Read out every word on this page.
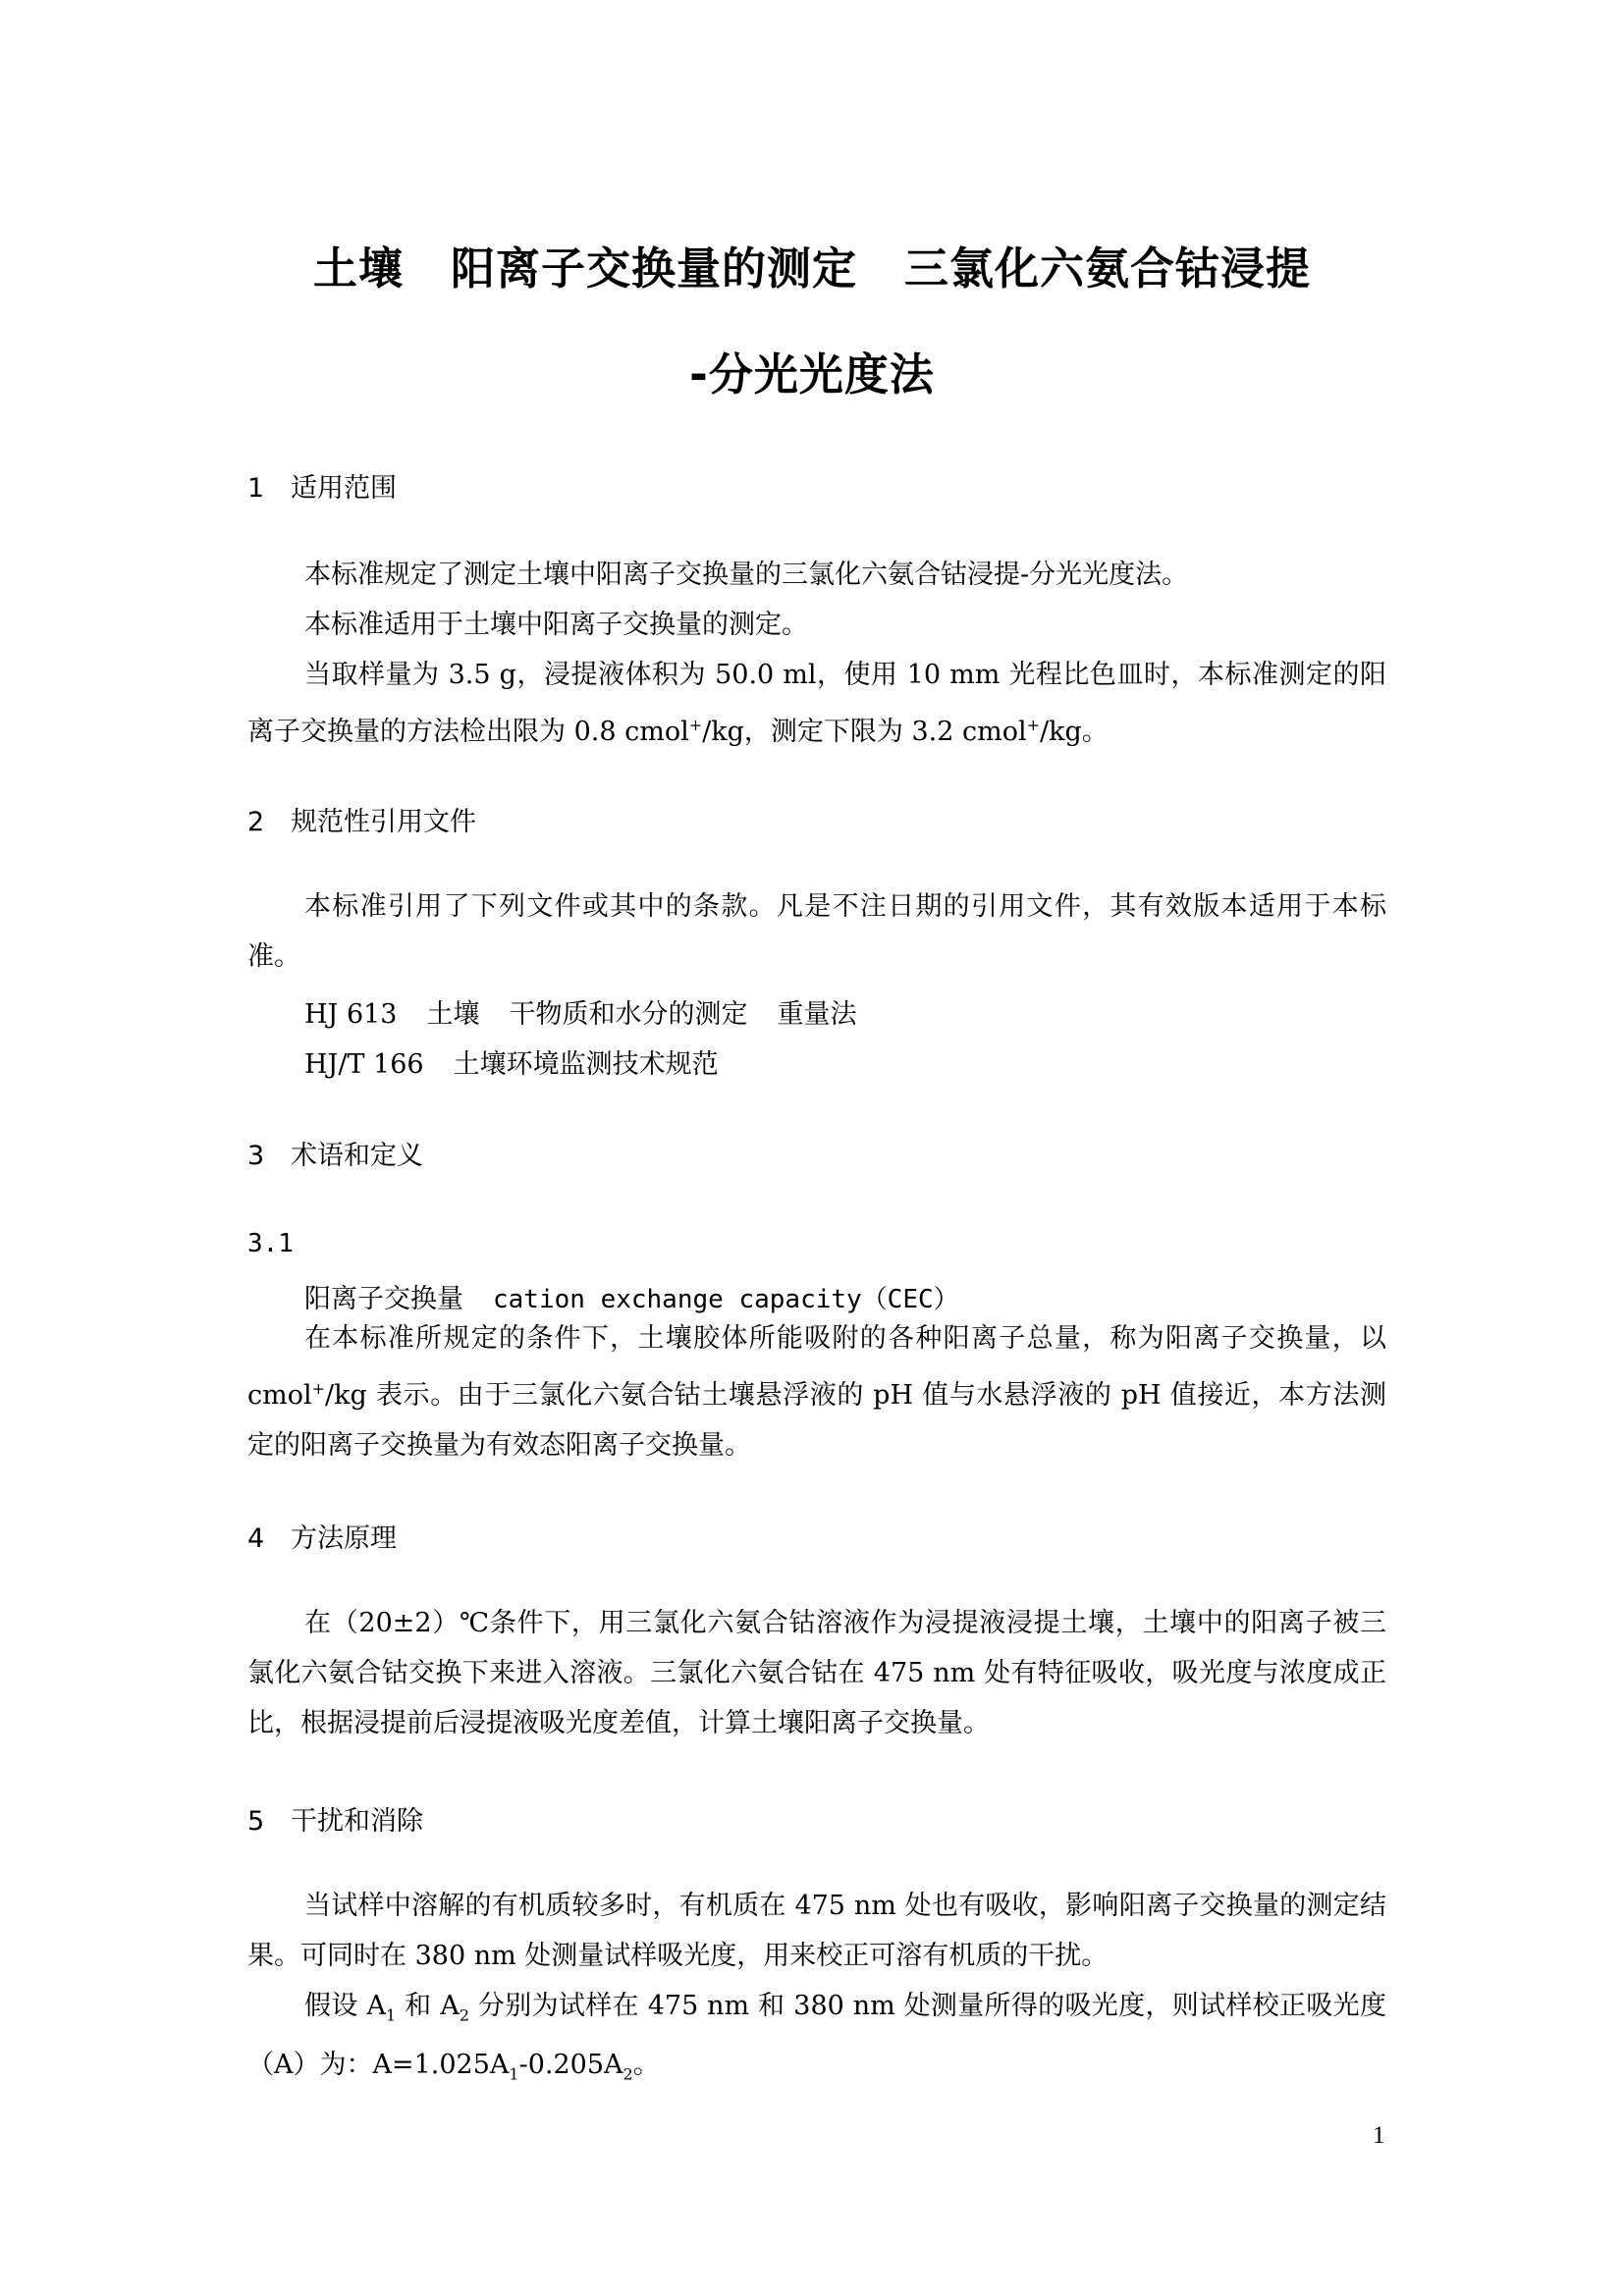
土壤 阳离子交换量的测定 三氯化六氨合钴浸提
-分光光度法
1 适用范围

本标准规定了测定土壤中阳离子交换量的三氯化六氨合钴浸提-分光光度法。

本标准适用于土壤中阳离子交换量的测定。

当取样量为 3.5 g，浸提液体积为 50.0 ml，使用 10 mm 光程比色皿时，本标准测定的阳离子交换量的方法检出限为 0.8 cmol+/kg，测定下限为 3.2 cmol+/kg。

2 规范性引用文件

本标准引用了下列文件或其中的条款。凡是不注日期的引用文件，其有效版本适用于本标准。

HJ 613 土壤 干物质和水分的测定 重量法
HJ/T 166 土壤环境监测技术规范
3 术语和定义
3.1
阳离子交换量 cation exchange capacity（CEC）

在本标准所规定的条件下，土壤胶体所能吸附的各种阳离子总量，称为阳离子交换量，以 cmol+/kg 表示。由于三氯化六氨合钴土壤悬浮液的 pH 值与水悬浮液的 pH 值接近，本方法测定的阳离子交换量为有效态阳离子交换量。

4 方法原理

在（20±2）℃条件下，用三氯化六氨合钴溶液作为浸提液浸提土壤，土壤中的阳离子被三氯化六氨合钴交换下来进入溶液。三氯化六氨合钴在 475 nm 处有特征吸收，吸光度与浓度成正比，根据浸提前后浸提液吸光度差值，计算土壤阳离子交换量。

5 干扰和消除

当试样中溶解的有机质较多时，有机质在 475 nm 处也有吸收，影响阳离子交换量的测定结果。可同时在 380 nm 处测量试样吸光度，用来校正可溶有机质的干扰。

假设 $A_1$ 和 $A_2$ 分别为试样在 475 nm 和 380 nm 处测量所得的吸光度，则试样校正吸光度（A）为：$A=1.025A_1-0.205A_2$。

1
